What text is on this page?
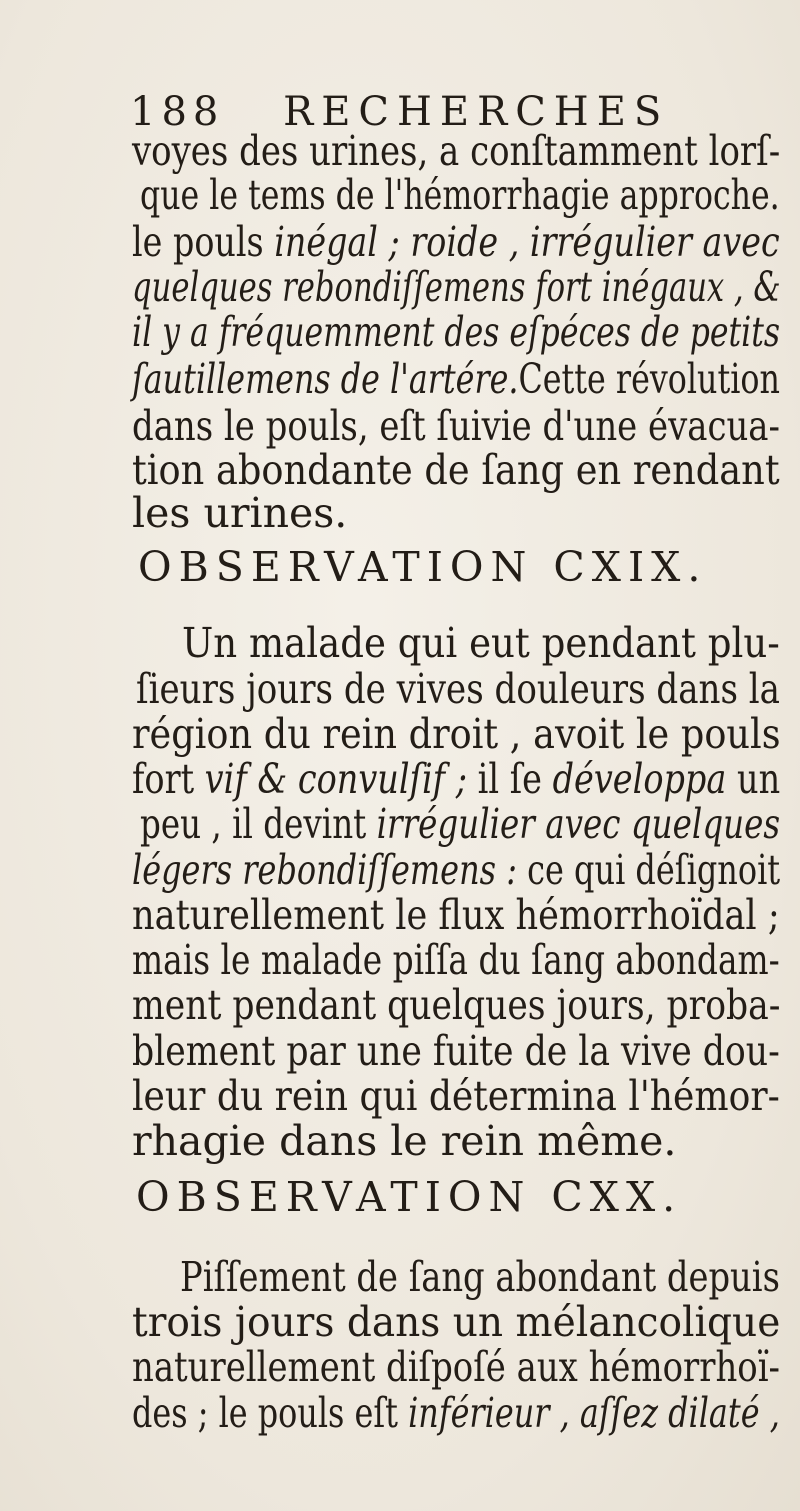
188 RECHERCHES
voyes des urines, a conſtamment lorſ-
que le tems de l'hémorrhagie approche.
le pouls inégal ; roide , irrégulier avec
quelques rebondiſſemens fort inégaux , &
il y a fréquemment des eſpéces de petits
ſautillemens de l'artére.Cette révolution
dans le pouls, eſt ſuivie d'une évacua-
tion abondante de ſang en rendant
les urines.
OBSERVATION CXIX.
Un malade qui eut pendant plu-
ſieurs jours de vives douleurs dans la
région du rein droit , avoit le pouls
fort vif & convulſif ; il ſe développa un
peu , il devint irrégulier avec quelques
légers rebondiſſemens : ce qui déſignoit
naturellement le flux hémorrhoïdal ;
mais le malade piſſa du ſang abondam-
ment pendant quelques jours, proba-
blement par une fuite de la vive dou-
leur du rein qui détermina l'hémor-
rhagie dans le rein même.
OBSERVATION CXX.
Piſſement de ſang abondant depuis
trois jours dans un mélancolique
naturellement diſpoſé aux hémorrhoï-
des ; le pouls eſt inférieur , aſſez dilaté ,
